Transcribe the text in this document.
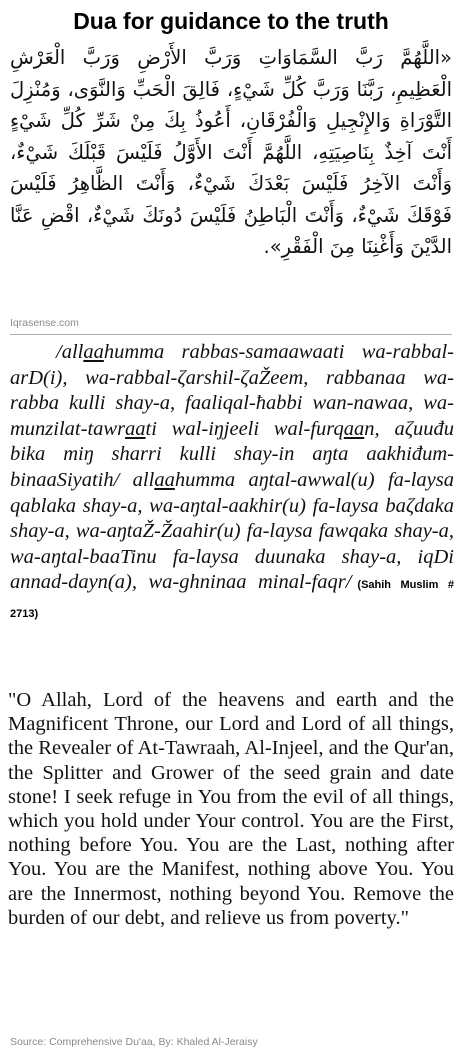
Dua for guidance to the truth
«اللَّهُمَّ رَبَّ السَّمَاوَاتِ وَرَبَّ الأَرْضِ وَرَبَّ الْعَرْشِ الْعَظِيمِ، رَبَّنَا وَرَبَّ كُلِّ شَيْءٍ، فَالِقَ الْحَبِّ وَالنَّوَى، وَمُنْزِلَ التَّوْرَاةِ وَالإِنْجِيلِ وَالْفُرْقَانِ، أَعُوذُ بِكَ مِنْ شَرِّ كُلِّ شَيْءٍ أَنْتَ آخِذٌ بِنَاصِيَتِهِ، اللَّهُمَّ أَنْتَ الأَوَّلُ فَلَيْسَ قَبْلَكَ شَيْءٌ، وَأَنْتَ الآخِرُ فَلَيْسَ بَعْدَكَ شَيْءٌ، وَأَنْتَ الظَّاهِرُ فَلَيْسَ فَوْقَكَ شَيْءٌ، وَأَنْتَ الْبَاطِنُ فَلَيْسَ دُونَكَ شَيْءٌ، اقْضِ عَنَّا الدَّيْنَ وَأَغْنِنَا مِنَ الْفَقْرِ».
Iqrasense.com
/allaahumma rabbas-samaawaati wa-rabbal-arD(i), wa-rabbal-ζarshil-ζaŽeem, rabbanaa wa-rabba kulli shay-a, faaliqal-ħabbi wan-nawaa, wa-munzilat-tawraati wal-iŋjeeli wal-furqaan, aζuuđu bika miŋ sharri kulli shay-in aŋta aakhiđum-binaaSiyatih/ allaahumma aŋtal-awwal(u) fa-laysa qablaka shay-a, wa-aŋtal-aakhir(u) fa-laysa baζdaka shay-a, wa-aŋtaŽ-Žaahir(u) fa-laysa fawqaka shay-a, wa-aŋtal-baaTinu fa-laysa duunaka shay-a, iqDi annad-dayn(a), wa-ghninaa minal-faqr/ (Sahih Muslim # 2713)
"O Allah, Lord of the heavens and earth and the Magnificent Throne, our Lord and Lord of all things, the Revealer of At-Tawraah, Al-Injeel, and the Qur'an, the Splitter and Grower of the seed grain and date stone! I seek refuge in You from the evil of all things, which you hold under Your control. You are the First, nothing before You. You are the Last, nothing after You. You are the Manifest, nothing above You. You are the Innermost, nothing beyond You. Remove the burden of our debt, and relieve us from poverty."
Source: Comprehensive Du'aa, By: Khaled Al-Jeraisy
